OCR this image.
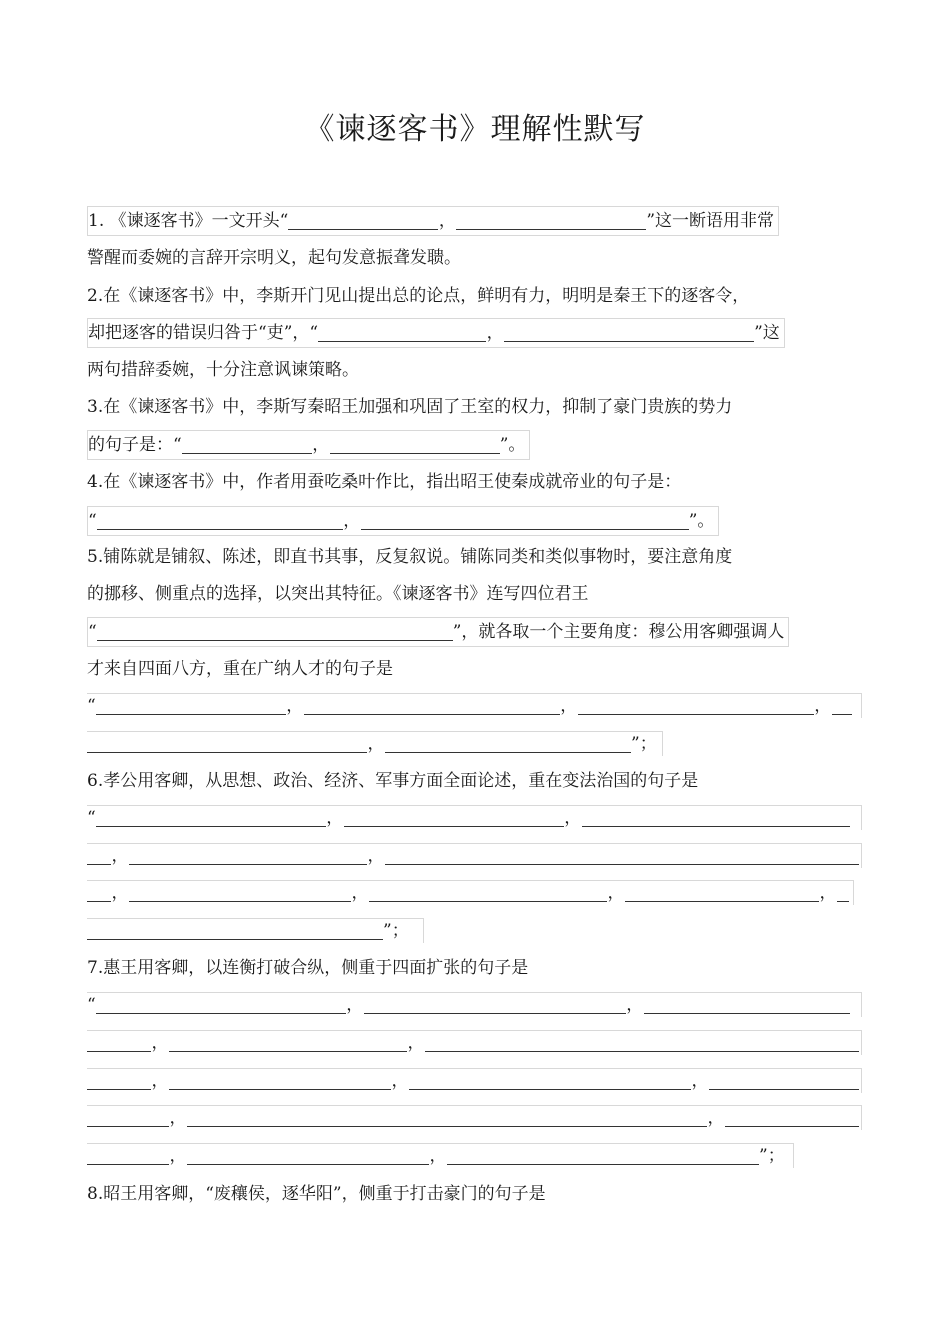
《谏逐客书》理解性默写
1. 《谏逐客书》一文开头“	，	”这一断语用非常
警醒而委婉的言辞开宗明义，起句发意振聋发聩。
2.在《谏逐客书》中，李斯开门见山提出总的论点，鲜明有力，明明是秦王下的逐客令，
却把逐客的错误归咎于“吏”，“	，	”这
两句措辞委婉，十分注意讽谏策略。
3.在《谏逐客书》中，李斯写秦昭王加强和巩固了王室的权力，抑制了豪门贵族的势力
的句子是：“	，	”。
4.在《谏逐客书》中，作者用蚕吃桑叶作比，指出昭王使秦成就帝业的句子是：
“	，	”。
5.铺陈就是铺叙、陈述，即直书其事，反复叙说。铺陈同类和类似事物时，要注意角度
的挪移、侧重点的选择，以突出其特征。《谏逐客书》连写四位君王
“	”，就各取一个主要角度：穆公用客卿强调人
才来自四面八方，重在广纳人才的句子是
“	，	，	，
，	”；
6.孝公用客卿，从思想、政治、经济、军事方面全面论述，重在变法治国的句子是
“	，	，
，	，
，	，	，	，
”；
7.惠王用客卿，以连衡打破合纵，侧重于四面扩张的句子是
“	，	，
，	，
，	，	，
，	，
，	，	”；
8.昭王用客卿，“废穰侯，逐华阳”，侧重于打击豪门的句子是
